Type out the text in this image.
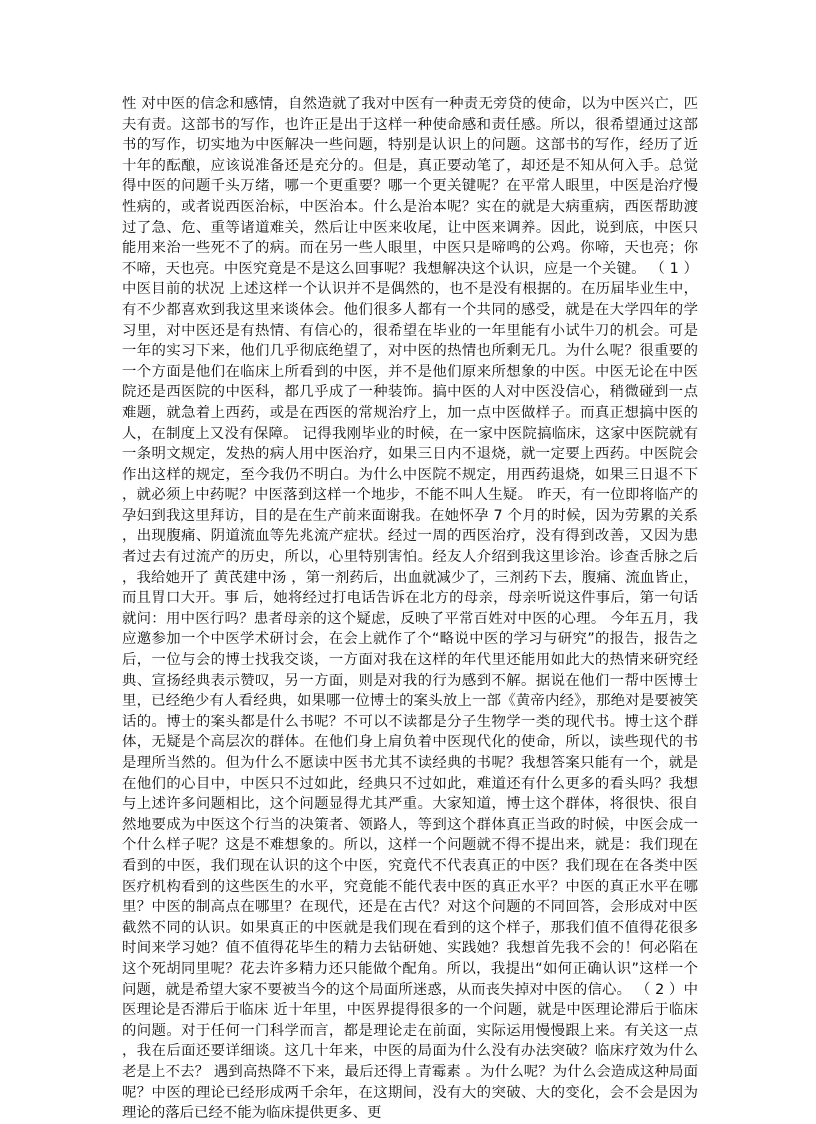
性 对中医的信念和感情，自然造就了我对中医有一种责无旁贷的使命，以为中医兴亡，匹夫有责。这部书的写作，也许正是出于这样一种使命感和责任感。所以，很希望通过这部书的写作，切实地为中医解决一些问题，特别是认识上的问题。这部书的写作，经历了近十年的酝酿，应该说准备还是充分的。但是，真正要动笔了，却还是不知从何入手。总觉得中医的问题千头万绪，哪一个更重要？哪一个更关键呢？在平常人眼里，中医是治疗慢性病的，或者说西医治标，中医治本。什么是治本呢？实在的就是大病重病，西医帮助渡过了急、危、重等诸道难关，然后让中医来收尾，让中医来调养。因此，说到底，中医只能用来治一些死不了的病。而在另一些人眼里，中医只是啼鸣的公鸡。你啼，天也亮；你不啼，天也亮。中医究竟是不是这么回事呢？我想解决这个认识，应是一个关键。 （ 1 ）中医目前的状况 上述这样一个认识并不是偶然的，也不是没有根据的。在历届毕业生中，有不少都喜欢到我这里来谈体会。他们很多人都有一个共同的感受，就是在大学四年的学习里，对中医还是有热情、有信心的，很希望在毕业的一年里能有小试牛刀的机会。可是一年的实习下来，他们几乎彻底绝望了，对中医的热情也所剩无几。为什么呢？很重要的一个方面是他们在临床上所看到的中医，并不是他们原来所想象的中医。中医无论在中医院还是西医院的中医科，都几乎成了一种装饰。搞中医的人对中医没信心，稍微碰到一点难题，就急着上西药，或是在西医的常规治疗上，加一点中医做样子。而真正想搞中医的人，在制度上又没有保障。 记得我刚毕业的时候，在一家中医院搞临床，这家中医院就有一条明文规定，发热的病人用中医治疗，如果三日内不退烧，就一定要上西药。中医院会作出这样的规定，至今我仍不明白。为什么中医院不规定，用西药退烧，如果三日退不下，就必须上中药呢？中医落到这样一个地步，不能不叫人生疑。 昨天，有一位即将临产的孕妇到我这里拜访，目的是在生产前来面谢我。在她怀孕 7 个月的时候，因为劳累的关系，出现腹痛、阴道流血等先兆流产症状。经过一周的西医治疗，没有得到改善，又因为患者过去有过流产的历史，所以，心里特别害怕。经友人介绍到我这里诊治。诊查舌脉之后，我给她开了 黄芪建中汤 ，第一剂药后，出血就减少了，三剂药下去，腹痛、流血皆止，而且胃口大开。事 后，她将经过打电话告诉在北方的母亲，母亲听说这件事后，第一句话就问：用中医行吗？患者母亲的这个疑虑，反映了平常百姓对中医的心理。 今年五月，我应邀参加一个中医学术研讨会，在会上就作了个“略说中医的学习与研究”的报告，报告之后，一位与会的博士找我交谈，一方面对我在这样的年代里还能用如此大的热情来研究经典、宣扬经典表示赞叹，另一方面，则是对我的行为感到不解。据说在他们一帮中医博士里，已经绝少有人看经典，如果哪一位博士的案头放上一部《黄帝内经》，那绝对是要被笑话的。博士的案头都是什么书呢？不可以不读都是分子生物学一类的现代书。博士这个群体，无疑是个高层次的群体。在他们身上肩负着中医现代化的使命，所以，读些现代的书是理所当然的。但为什么不愿读中医书尤其不读经典的书呢？我想答案只能有一个，就是在他们的心目中，中医只不过如此，经典只不过如此，难道还有什么更多的看头吗？我想与上述许多问题相比，这个问题显得尤其严重。大家知道，博士这个群体，将很快、很自然地要成为中医这个行当的决策者、领路人，等到这个群体真正当政的时候，中医会成一个什么样子呢？这是不难想象的。所以，这样一个问题就不得不提出来，就是：我们现在看到的中医，我们现在认识的这个中医，究竟代不代表真正的中医？我们现在在各类中医医疗机构看到的这些医生的水平，究竟能不能代表中医的真正水平？中医的真正水平在哪里？中医的制高点在哪里？在现代，还是在古代？对这个问题的不同回答，会形成对中医截然不同的认识。如果真正的中医就是我们现在看到的这个样子，那我们值不值得花很多时间来学习她？值不值得花毕生的精力去钻研她、实践她？我想首先我不会的！何必陷在这个死胡同里呢？花去许多精力还只能做个配角。所以，我提出“如何正确认识”这样一个问题，就是希望大家不要被当今的这个局面所迷惑，从而丧失掉对中医的信心。 （ 2 ）中医理论是否滞后于临床 近十年里，中医界提得很多的一个问题，就是中医理论滞后于临床的问题。对于任何一门科学而言，都是理论走在前面，实际运用慢慢跟上来。有关这一点，我在后面还要详细谈。这几十年来，中医的局面为什么没有办法突破？临床疗效为什么老是上不去？ 遇到高热降不下来，最后还得上青霉素 。为什么呢？为什么会造成这种局面呢？中医的理论已经形成两千余年，在这期间，没有大的突破、大的变化，会不会是因为理论的落后已经不能为临床提供更多、更
